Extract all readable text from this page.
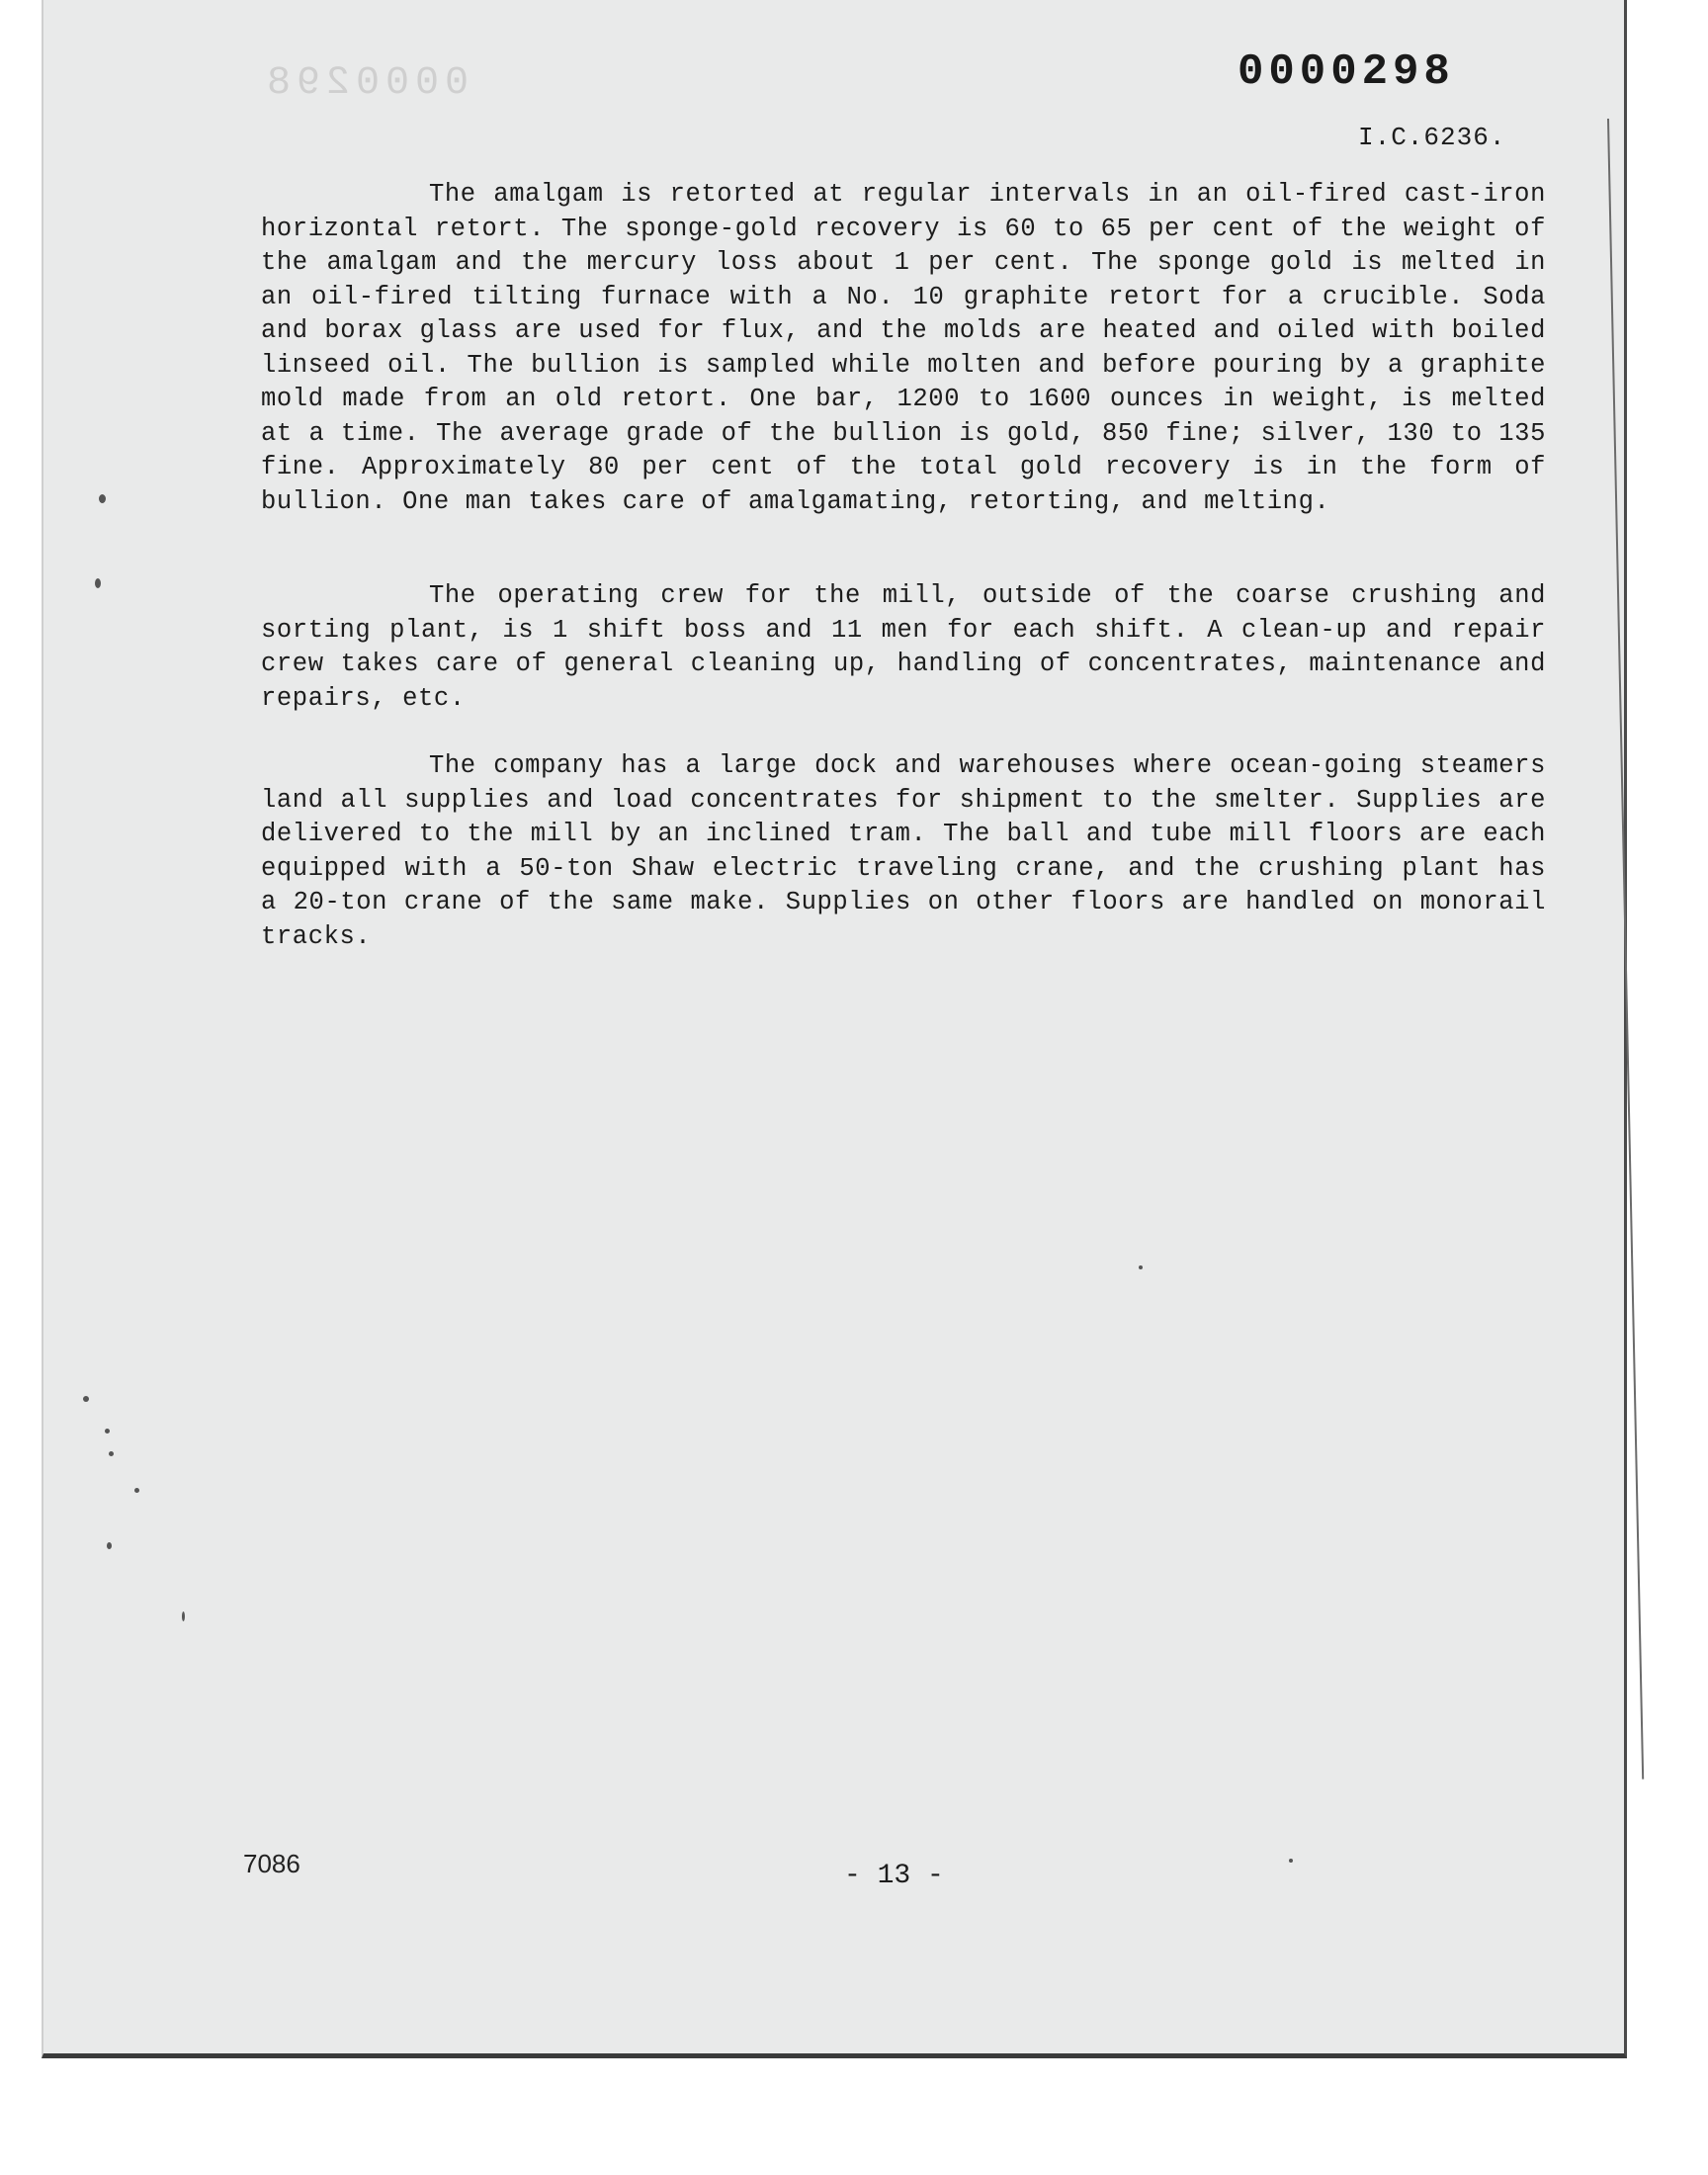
0000298	0000298
I.C.6236.

The amalgam is retorted at regular intervals in an oil-fired cast-iron horizontal retort. The sponge-gold recovery is 60 to 65 per cent of the weight of the amalgam and the mercury loss about 1 per cent. The sponge gold is melted in an oil-fired tilting furnace with a No. 10 graphite retort for a crucible. Soda and borax glass are used for flux, and the molds are heated and oiled with boiled linseed oil. The bullion is sampled while molten and before pouring by a graphite mold made from an old retort. One bar, 1200 to 1600 ounces in weight, is melted at a time. The average grade of the bullion is gold, 850 fine; silver, 130 to 135 fine. Approximately 80 per cent of the total gold recovery is in the form of bullion. One man takes care of amalgamating, retorting, and melting.

The operating crew for the mill, outside of the coarse crushing and sorting plant, is 1 shift boss and 11 men for each shift. A clean-up and repair crew takes care of general cleaning up, handling of concentrates, maintenance and repairs, etc.

The company has a large dock and warehouses where ocean-going steamers land all supplies and load concentrates for shipment to the smelter. Supplies are delivered to the mill by an inclined tram. The ball and tube mill floors are each equipped with a 50-ton Shaw electric traveling crane, and the crushing plant has a 20-ton crane of the same make. Supplies on other floors are handled on monorail tracks.

7086	- 13 -
